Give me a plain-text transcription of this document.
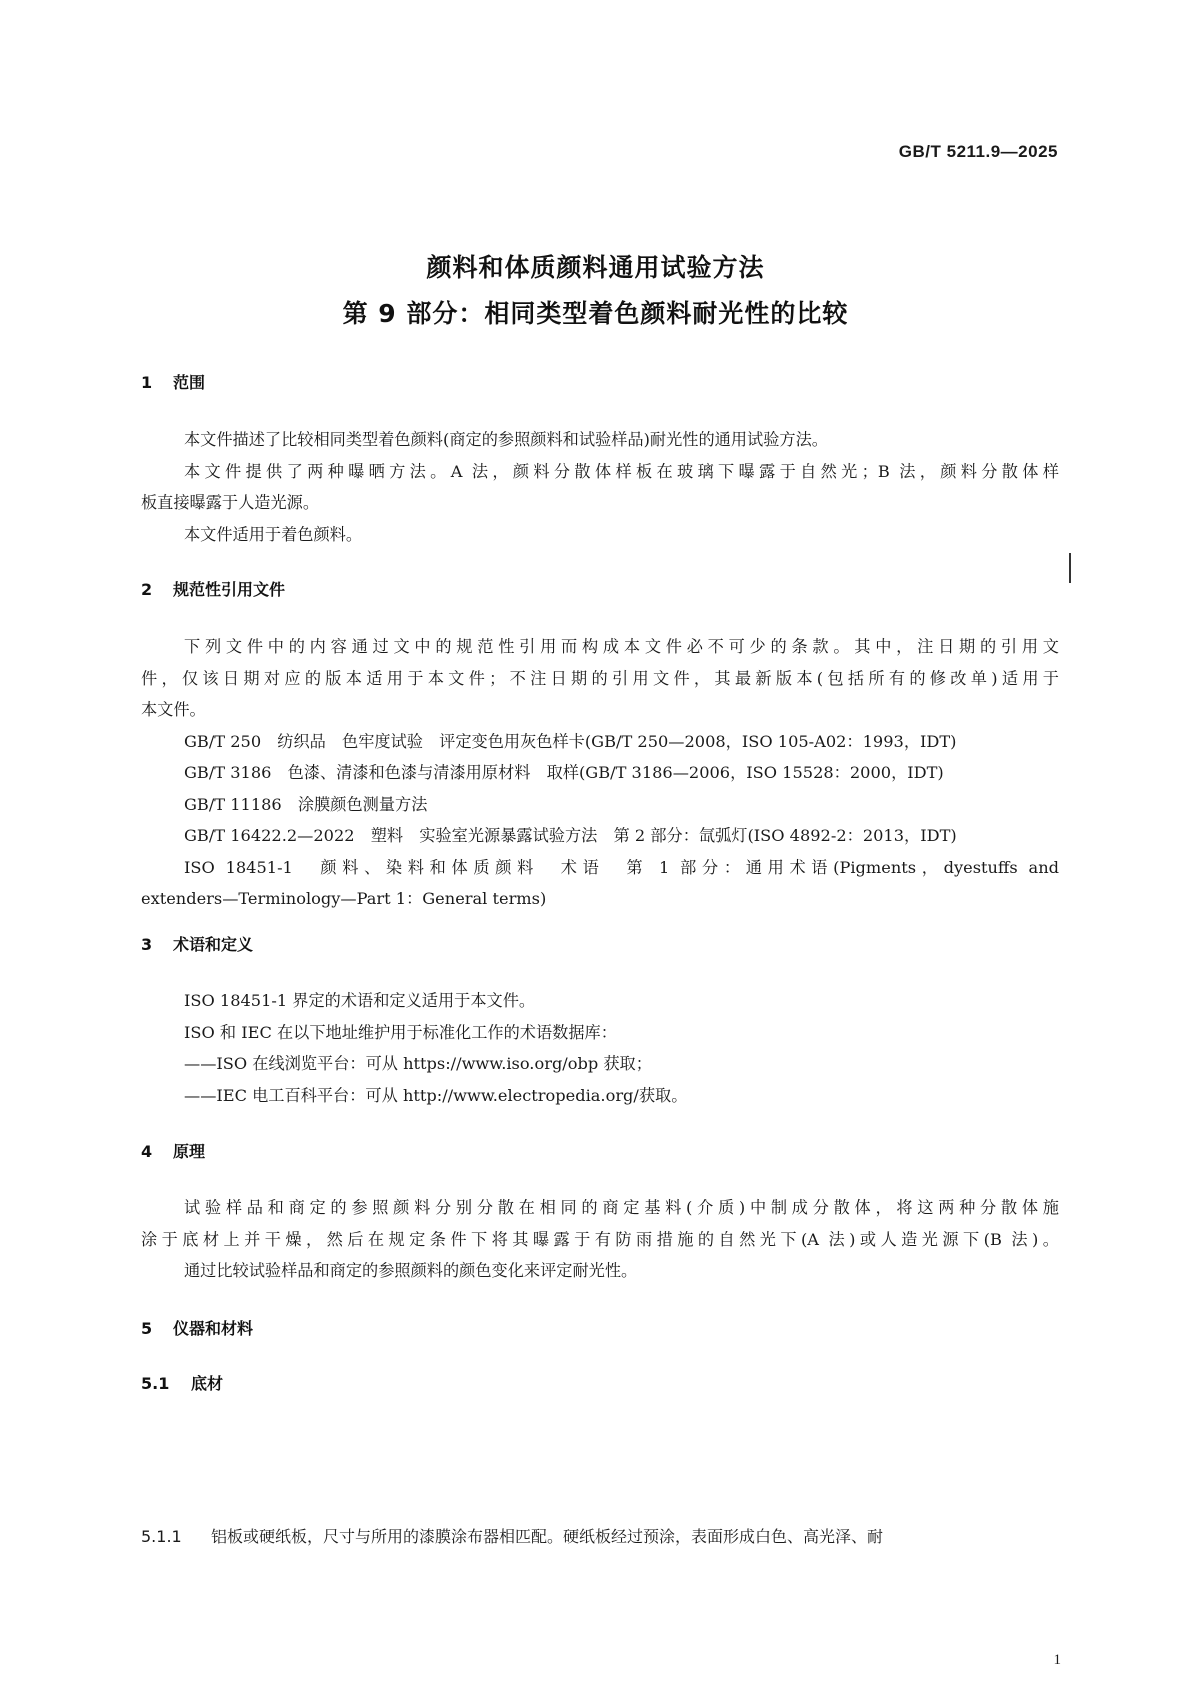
GB/T 5211.9—2025
颜料和体质颜料通用试验方法
第 9 部分：相同类型着色颜料耐光性的比较
1 范围
本文件描述了比较相同类型着色颜料(商定的参照颜料和试验样品)耐光性的通用试验方法。
本文件提供了两种曝晒方法。A 法，颜料分散体样板在玻璃下曝露于自然光；B 法，颜料分散体样
板直接曝露于人造光源。
本文件适用于着色颜料。
2 规范性引用文件
下列文件中的内容通过文中的规范性引用而构成本文件必不可少的条款。其中，注日期的引用文
件，仅该日期对应的版本适用于本文件；不注日期的引用文件，其最新版本(包括所有的修改单)适用于
本文件。
GB/T 250　纺织品　色牢度试验　评定变色用灰色样卡(GB/T 250—2008，ISO 105-A02：1993，IDT)
GB/T 3186　色漆、清漆和色漆与清漆用原材料　取样(GB/T 3186—2006，ISO 15528：2000，IDT)
GB/T 11186　涂膜颜色测量方法
GB/T 16422.2—2022　塑料　实验室光源暴露试验方法　第 2 部分：氙弧灯(ISO 4892-2：2013，IDT)
ISO 18451-1　颜料、染料和体质颜料　术语　第 1 部分：通用术语(Pigments，dyestuffs and
extenders—Terminology—Part 1：General terms)
3 术语和定义
ISO 18451-1 界定的术语和定义适用于本文件。
ISO 和 IEC 在以下地址维护用于标准化工作的术语数据库：
——ISO 在线浏览平台：可从 https://www.iso.org/obp 获取；
——IEC 电工百科平台：可从 http://www.electropedia.org/获取。
4 原理
试验样品和商定的参照颜料分别分散在相同的商定基料(介质)中制成分散体，将这两种分散体施
涂于底材上并干燥，然后在规定条件下将其曝露于有防雨措施的自然光下(A 法)或人造光源下(B 法)。
通过比较试验样品和商定的参照颜料的颜色变化来评定耐光性。
5 仪器和材料
5.1 底材
5.1.1 铝板或硬纸板，尺寸与所用的漆膜涂布器相匹配。硬纸板经过预涂，表面形成白色、高光泽、耐
1
